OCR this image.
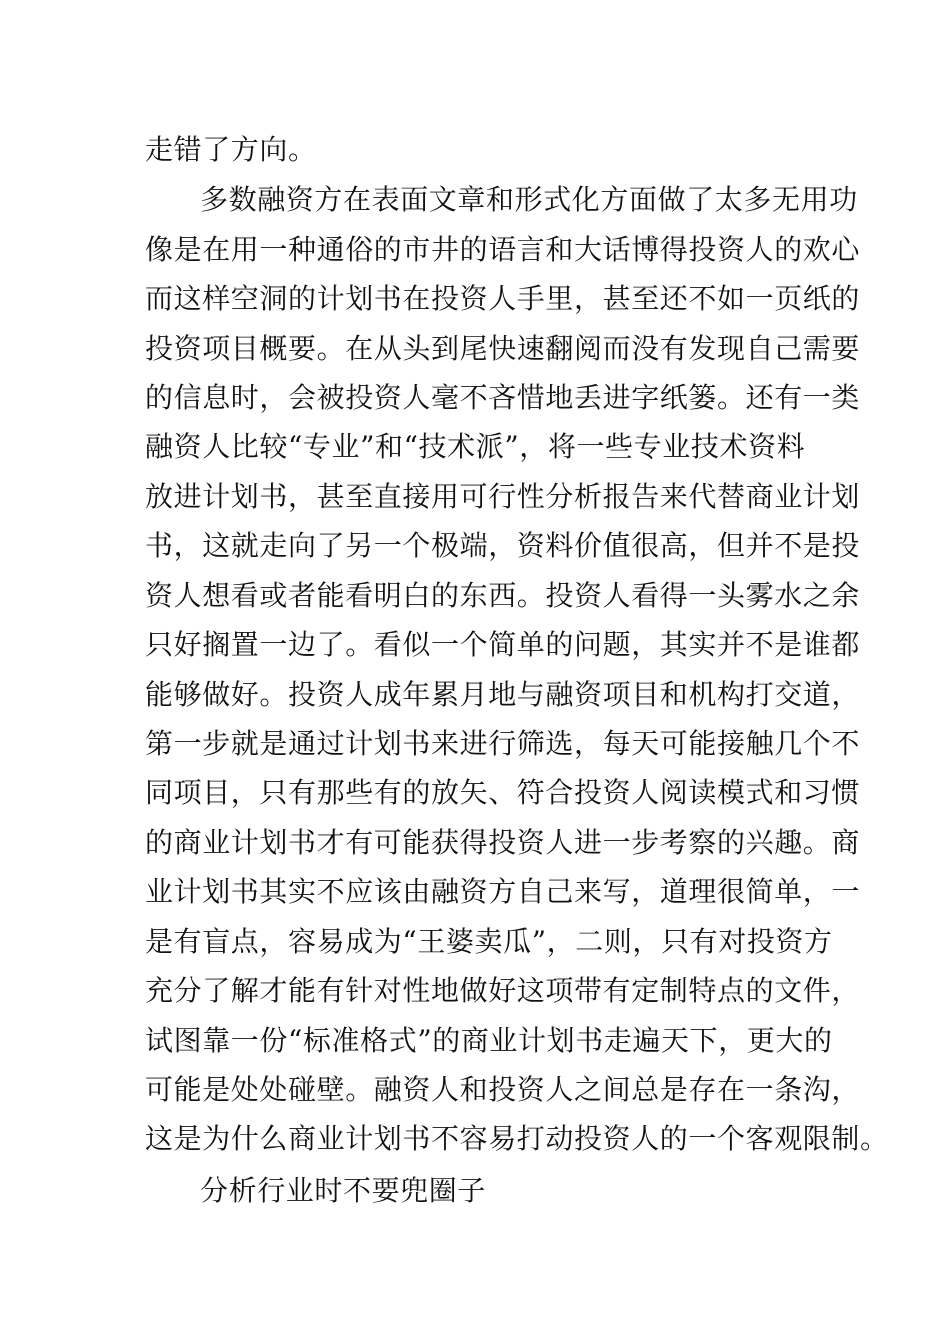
走错了方向。
多数融资方在表面文章和形式化方面做了太多无用功
像是在用一种通俗的市井的语言和大话博得投资人的欢心
而这样空洞的计划书在投资人手里，甚至还不如一页纸的
投资项目概要。在从头到尾快速翻阅而没有发现自己需要
的信息时，会被投资人毫不吝惜地丢进字纸篓。还有一类
融资人比较“专业”和“技术派”，将一些专业技术资料
放进计划书，甚至直接用可行性分析报告来代替商业计划
书，这就走向了另一个极端，资料价值很高，但并不是投
资人想看或者能看明白的东西。投资人看得一头雾水之余
只好搁置一边了。看似一个简单的问题，其实并不是谁都
能够做好。投资人成年累月地与融资项目和机构打交道，
第一步就是通过计划书来进行筛选，每天可能接触几个不
同项目，只有那些有的放矢、符合投资人阅读模式和习惯
的商业计划书才有可能获得投资人进一步考察的兴趣。商
业计划书其实不应该由融资方自己来写，道理很简单，一
是有盲点，容易成为“王婆卖瓜”，二则，只有对投资方
充分了解才能有针对性地做好这项带有定制特点的文件，
试图靠一份“标准格式”的商业计划书走遍天下，更大的
可能是处处碰壁。融资人和投资人之间总是存在一条沟，
这是为什么商业计划书不容易打动投资人的一个客观限制。
分析行业时不要兜圈子
